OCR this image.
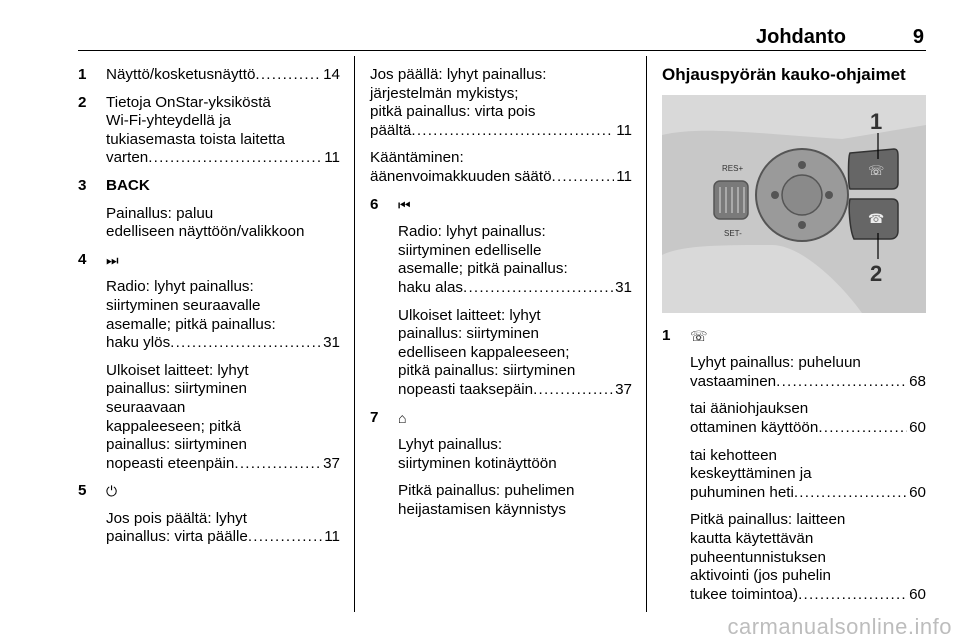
Johdanto	9
1 Näyttö/kosketusnäyttö . . .	14
2 Tietoja OnStar-yksiköstä
Wi-Fi-yhteydellä ja
tukiasemasta toista laitetta
varten . . .	11
3 BACK
Painallus: paluu
edelliseen näyttöön/valikkoon
4 ⏭
Radio: lyhyt painallus:
siirtyminen seuraavalle
asemalle; pitkä painallus:
haku ylös . . .	31
Ulkoiset laitteet: lyhyt
painallus: siirtyminen
seuraavaan
kappaleeseen; pitkä
painallus: siirtyminen
nopeasti eteenpäin . . .	37
5 ⏻
Jos pois päältä: lyhyt
painallus: virta päälle . . .	11
Jos päällä: lyhyt painallus:
järjestelmän mykistys;
pitkä painallus: virta pois
päältä . . .	11
Kääntäminen:
äänenvoimakkuuden säätö . . .	11
6 ⏮
Radio: lyhyt painallus:
siirtyminen edelliselle
asemalle; pitkä painallus:
haku alas . . .	31
Ulkoiset laitteet: lyhyt
painallus: siirtyminen
edelliseen kappaleeseen;
pitkä painallus: siirtyminen
nopeasti taaksepäin . . .	37
7 ⌂
Lyhyt painallus:
siirtyminen kotinäyttöön
Pitkä painallus: puhelimen
heijastamisen käynnistys
Ohjauspyörän kauko-ohjaimet
RES+
SET-
☏
☎
1
2
1 ☏
Lyhyt painallus: puheluun
vastaaminen . . .	68
tai ääniohjauksen
ottaminen käyttöön . . .	60
tai kehotteen
keskeyttäminen ja
puhuminen heti . . .	60
Pitkä painallus: laitteen
kautta käytettävän
puheentunnistuksen
aktivointi (jos puhelin
tukee toimintoa) . . .	60
carmanualsonline.info
